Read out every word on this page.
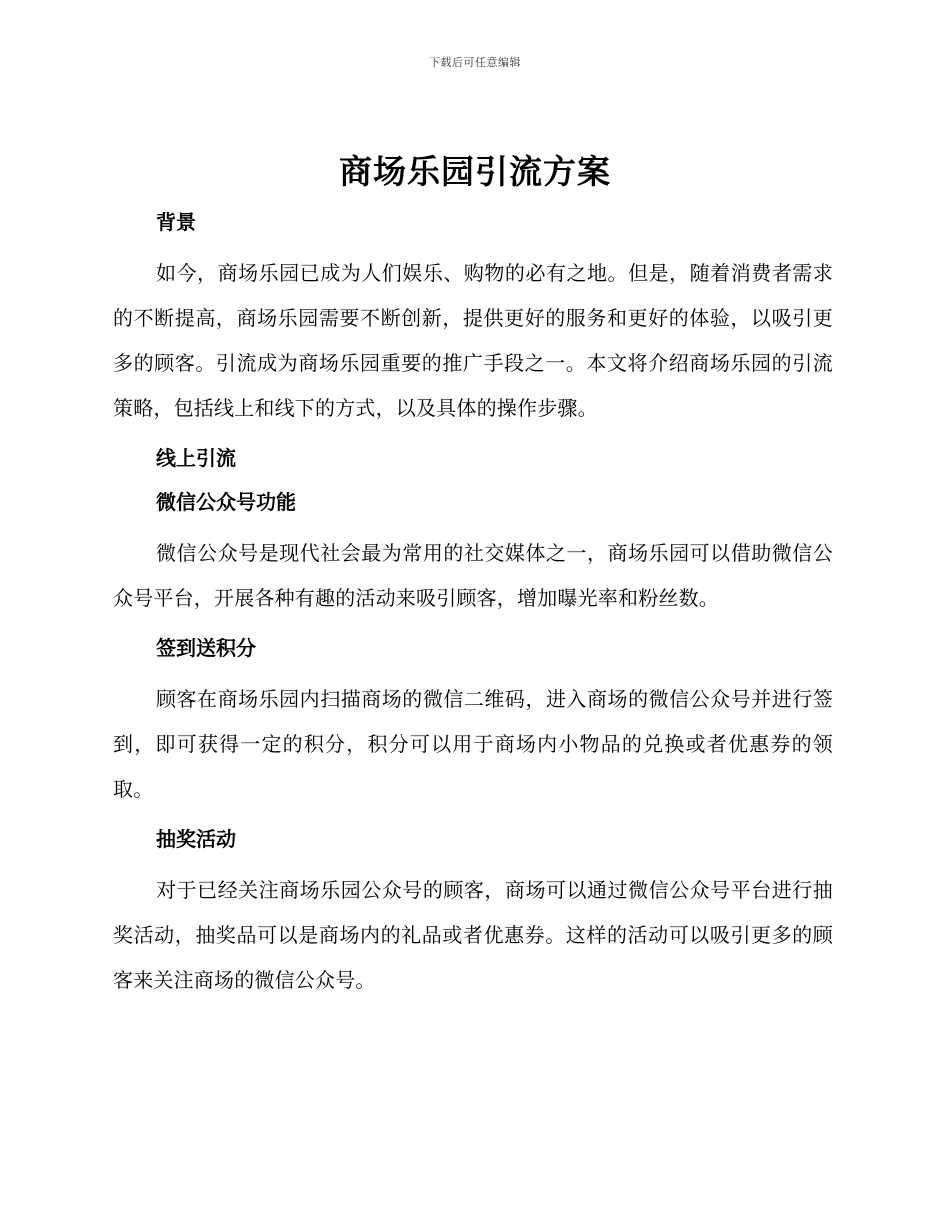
下载后可任意编辑
商场乐园引流方案

背景

如今，商场乐园已成为人们娱乐、购物的必有之地。但是，随着消费者需求的不断提高，商场乐园需要不断创新，提供更好的服务和更好的体验，以吸引更多的顾客。引流成为商场乐园重要的推广手段之一。本文将介绍商场乐园的引流策略，包括线上和线下的方式，以及具体的操作步骤。

线上引流

微信公众号功能

微信公众号是现代社会最为常用的社交媒体之一，商场乐园可以借助微信公众号平台，开展各种有趣的活动来吸引顾客，增加曝光率和粉丝数。

签到送积分

顾客在商场乐园内扫描商场的微信二维码，进入商场的微信公众号并进行签到，即可获得一定的积分，积分可以用于商场内小物品的兑换或者优惠券的领取。

抽奖活动

对于已经关注商场乐园公众号的顾客，商场可以通过微信公众号平台进行抽奖活动，抽奖品可以是商场内的礼品或者优惠券。这样的活动可以吸引更多的顾客来关注商场的微信公众号。
